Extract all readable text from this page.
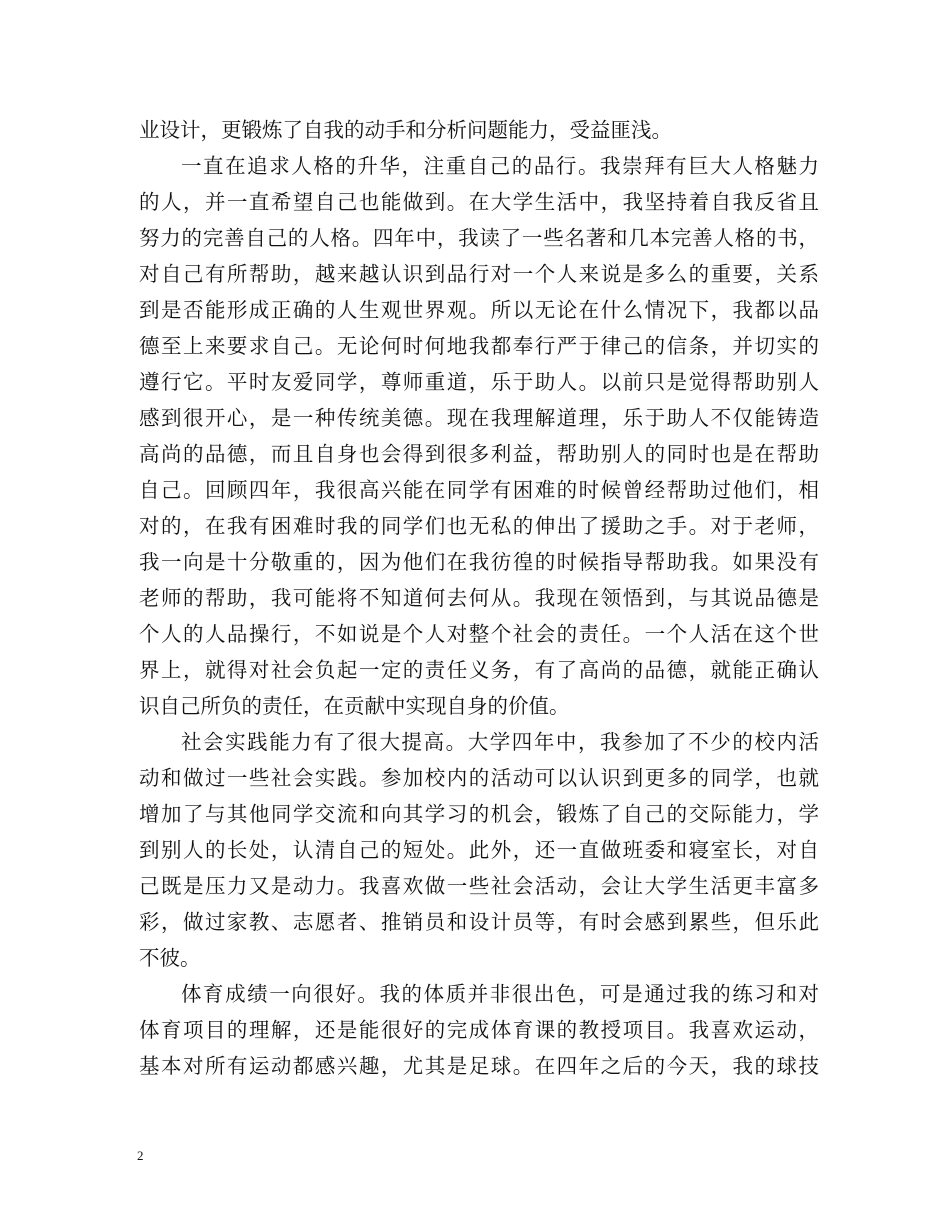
业设计，更锻炼了自我的动手和分析问题能力，受益匪浅。
一直在追求人格的升华，注重自己的品行。我崇拜有巨大人格魅力
的人，并一直希望自己也能做到。在大学生活中，我坚持着自我反省且
努力的完善自己的人格。四年中，我读了一些名著和几本完善人格的书，
对自己有所帮助，越来越认识到品行对一个人来说是多么的重要，关系
到是否能形成正确的人生观世界观。所以无论在什么情况下，我都以品
德至上来要求自己。无论何时何地我都奉行严于律己的信条，并切实的
遵行它。平时友爱同学，尊师重道，乐于助人。以前只是觉得帮助别人
感到很开心，是一种传统美德。现在我理解道理，乐于助人不仅能铸造
高尚的品德，而且自身也会得到很多利益，帮助别人的同时也是在帮助
自己。回顾四年，我很高兴能在同学有困难的时候曾经帮助过他们，相
对的，在我有困难时我的同学们也无私的伸出了援助之手。对于老师，
我一向是十分敬重的，因为他们在我彷徨的时候指导帮助我。如果没有
老师的帮助，我可能将不知道何去何从。我现在领悟到，与其说品德是
个人的人品操行，不如说是个人对整个社会的责任。一个人活在这个世
界上，就得对社会负起一定的责任义务，有了高尚的品德，就能正确认
识自己所负的责任，在贡献中实现自身的价值。
社会实践能力有了很大提高。大学四年中，我参加了不少的校内活
动和做过一些社会实践。参加校内的活动可以认识到更多的同学，也就
增加了与其他同学交流和向其学习的机会，锻炼了自己的交际能力，学
到别人的长处，认清自己的短处。此外，还一直做班委和寝室长，对自
己既是压力又是动力。我喜欢做一些社会活动，会让大学生活更丰富多
彩，做过家教、志愿者、推销员和设计员等，有时会感到累些，但乐此
不彼。
体育成绩一向很好。我的体质并非很出色，可是通过我的练习和对
体育项目的理解，还是能很好的完成体育课的教授项目。我喜欢运动，
基本对所有运动都感兴趣，尤其是足球。在四年之后的今天，我的球技
2
